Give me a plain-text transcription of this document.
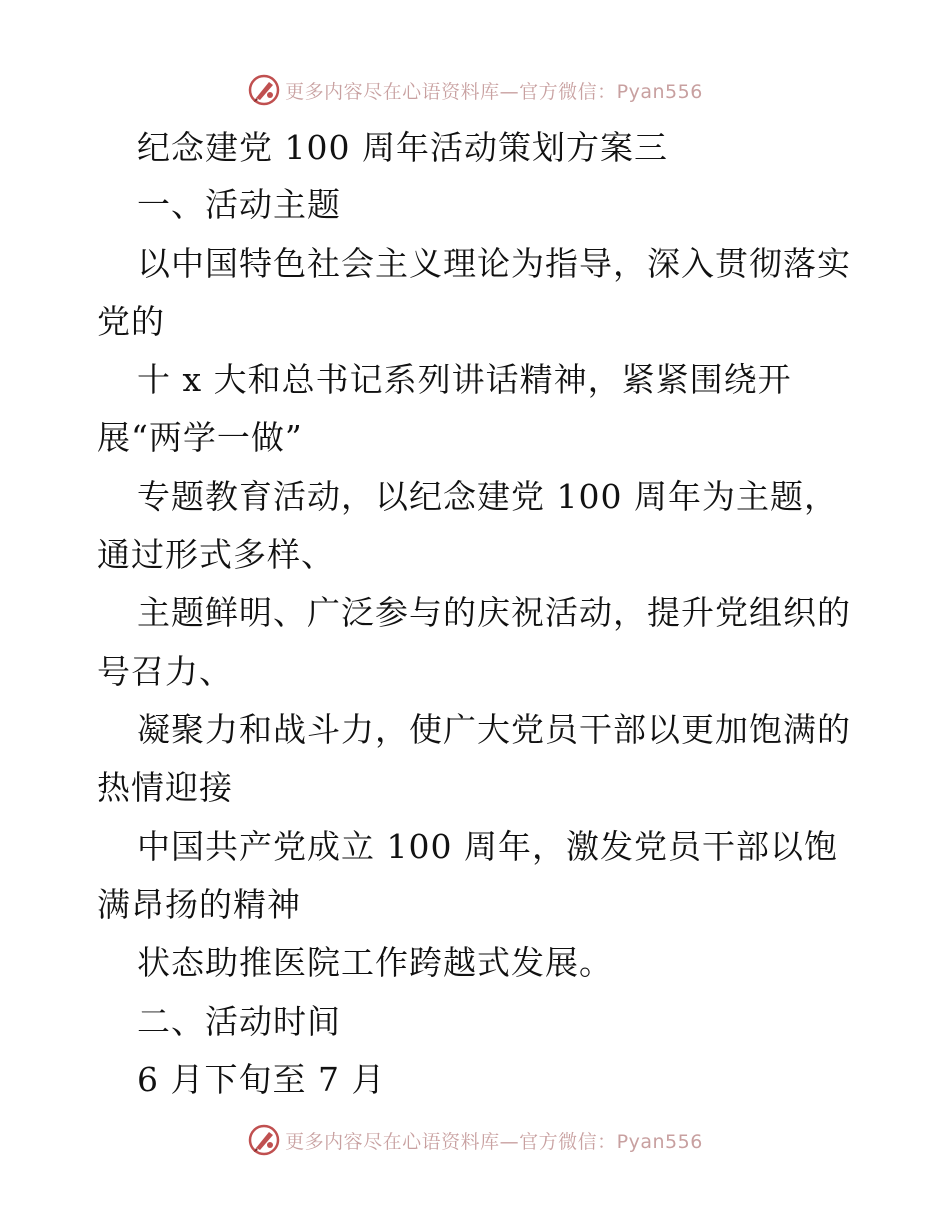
更多内容尽在心语资料库—官方微信：Pyan556
纪念建党 100 周年活动策划方案三
一、活动主题
以中国特色社会主义理论为指导，深入贯彻落实
党的
十 x 大和总书记系列讲话精神，紧紧围绕开
展“两学一做”
专题教育活动，以纪念建党 100 周年为主题，
通过形式多样、
主题鲜明、广泛参与的庆祝活动，提升党组织的
号召力、
凝聚力和战斗力，使广大党员干部以更加饱满的
热情迎接
中国共产党成立 100 周年，激发党员干部以饱
满昂扬的精神
状态助推医院工作跨越式发展。
二、活动时间
6 月下旬至 7 月
更多内容尽在心语资料库—官方微信：Pyan556
